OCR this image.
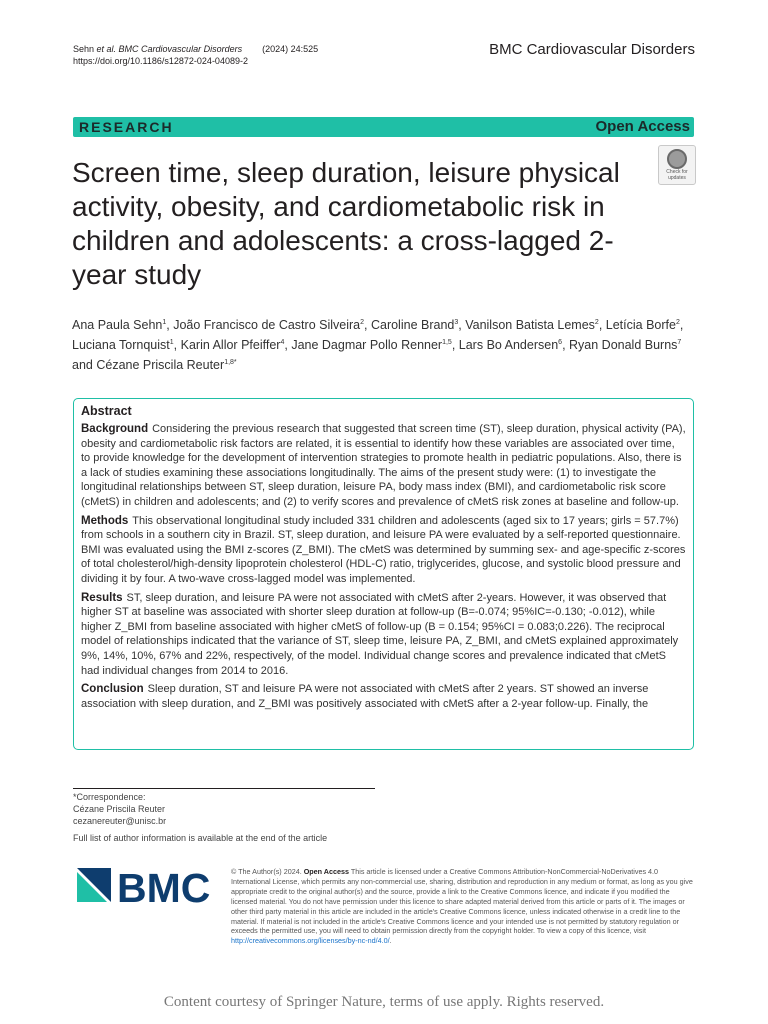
Sehn et al. BMC Cardiovascular Disorders (2024) 24:525
https://doi.org/10.1186/s12872-024-04089-2
BMC Cardiovascular Disorders
RESEARCH	Open Access
Check for
updates
Screen time, sleep duration, leisure physical activity, obesity, and cardiometabolic risk in children and adolescents: a cross-lagged 2-year study
Ana Paula Sehn$^1$, João Francisco de Castro Silveira$^2$, Caroline Brand$^3$, Vanilson Batista Lemes$^2$, Letícia Borfe$^2$, Luciana Tornquist$^1$, Karin Allor Pfeiffer$^4$, Jane Dagmar Pollo Renner$^{1,5}$, Lars Bo Andersen$^6$, Ryan Donald Burns$^7$ and Cézane Priscila Reuter$^{1,8*}$
Abstract

Background Considering the previous research that suggested that screen time (ST), sleep duration, physical activity (PA), obesity and cardiometabolic risk factors are related, it is essential to identify how these variables are associated over time, to provide knowledge for the development of intervention strategies to promote health in pediatric populations. Also, there is a lack of studies examining these associations longitudinally. The aims of the present study were: (1) to investigate the longitudinal relationships between ST, sleep duration, leisure PA, body mass index (BMI), and cardiometabolic risk score (cMetS) in children and adolescents; and (2) to verify scores and prevalence of cMetS risk zones at baseline and follow-up.

Methods This observational longitudinal study included 331 children and adolescents (aged six to 17 years; girls = 57.7%) from schools in a southern city in Brazil. ST, sleep duration, and leisure PA were evaluated by a self-reported questionnaire. BMI was evaluated using the BMI z-scores (Z_BMI). The cMetS was determined by summing sex- and age-specific z-scores of total cholesterol/high-density lipoprotein cholesterol (HDL-C) ratio, triglycerides, glucose, and systolic blood pressure and dividing it by four. A two-wave cross-lagged model was implemented.

Results ST, sleep duration, and leisure PA were not associated with cMetS after 2-years. However, it was observed that higher ST at baseline was associated with shorter sleep duration at follow-up (B=-0.074; 95%IC=-0.130; -0.012), while higher Z_BMI from baseline associated with higher cMetS of follow-up (B = 0.154; 95%CI = 0.083;0.226). The reciprocal model of relationships indicated that the variance of ST, sleep time, leisure PA, Z_BMI, and cMetS explained approximately 9%, 14%, 10%, 67% and 22%, respectively, of the model. Individual change scores and prevalence indicated that cMetS had individual changes from 2014 to 2016.

Conclusion Sleep duration, ST and leisure PA were not associated with cMetS after 2 years. ST showed an inverse association with sleep duration, and Z_BMI was positively associated with cMetS after a 2-year follow-up. Finally, the

*Correspondence:
Cézane Priscila Reuter
cezanereuter@unisc.br
Full list of author information is available at the end of the article
BMC	© The Author(s) 2024. Open Access This article is licensed under a Creative Commons Attribution-NonCommercial-NoDerivatives 4.0 International License, which permits any non-commercial use, sharing, distribution and reproduction in any medium or format, as long as you give appropriate credit to the original author(s) and the source, provide a link to the Creative Commons licence, and indicate if you modified the licensed material. You do not have permission under this licence to share adapted material derived from this article or parts of it. The images or other third party material in this article are included in the article's Creative Commons licence, unless indicated otherwise in a credit line to the material. If material is not included in the article's Creative Commons licence and your intended use is not permitted by statutory regulation or exceeds the permitted use, you will need to obtain permission directly from the copyright holder. To view a copy of this licence, visit http://creativecommons.org/licenses/by-nc-nd/4.0/.
Content courtesy of Springer Nature, terms of use apply. Rights reserved.
